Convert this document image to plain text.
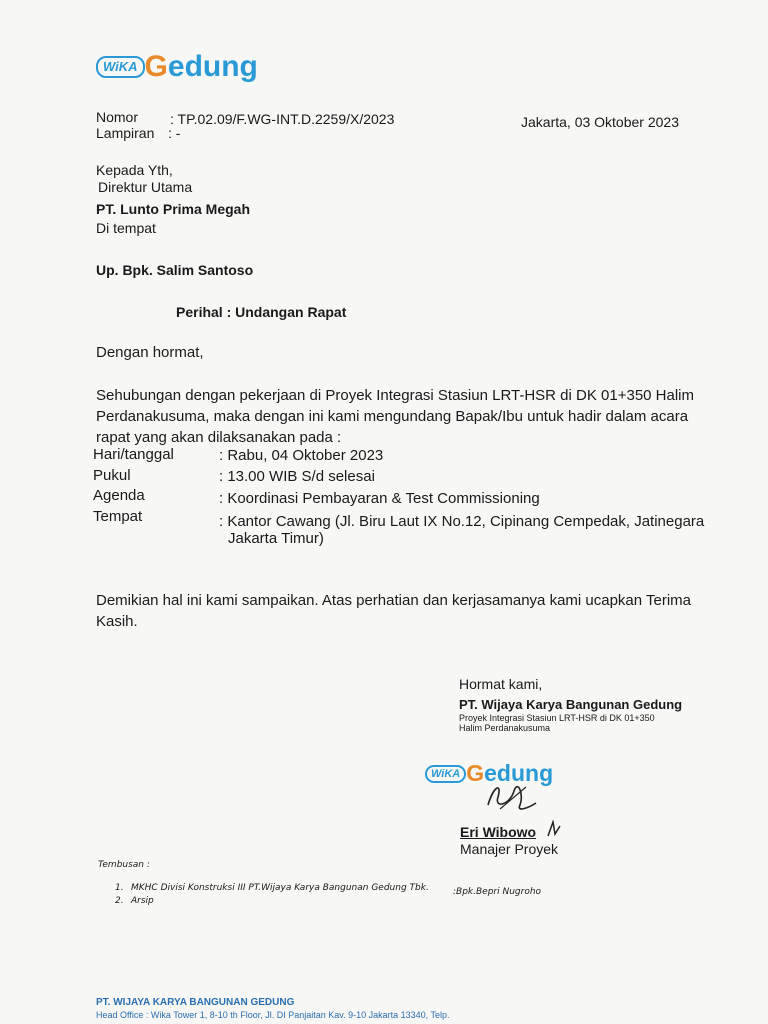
WiKA Gedung
Nomor : TP.02.09/F.WG-INT.D.2259/X/2023
Lampiran : -
Jakarta, 03 Oktober 2023
Kepada Yth,
Direktur Utama
PT. Lunto Prima Megah
Di tempat
Up. Bpk. Salim Santoso
Perihal : Undangan Rapat
Dengan hormat,
Sehubungan dengan pekerjaan di Proyek Integrasi Stasiun LRT-HSR di DK 01+350 Halim
Perdanakusuma, maka dengan ini kami mengundang Bapak/Ibu untuk hadir dalam acara
rapat yang akan dilaksanakan pada :
Hari/tanggal	: Rabu, 04 Oktober 2023
Pukul	: 13.00 WIB S/d selesai
Agenda	: Koordinasi Pembayaran & Test Commissioning
Tempat	: Kantor Cawang (Jl. Biru Laut IX No.12, Cipinang Cempedak, Jatinegara
Jakarta Timur)
Demikian hal ini kami sampaikan. Atas perhatian dan kerjasamanya kami ucapkan Terima
Kasih.
Hormat kami,
PT. Wijaya Karya Bangunan Gedung
Proyek Integrasi Stasiun LRT-HSR di DK 01+350
Halim Perdanakusuma
WiKA Gedung
Eri Wibowo
Manajer Proyek
Tembusan :
1. MKHC Divisi Konstruksi III PT.Wijaya Karya Bangunan Gedung Tbk.	:Bpk.Bepri Nugroho
2. Arsip
PT. WIJAYA KARYA BANGUNAN GEDUNG
Head Office : Wika Tower 1, 8-10 th Floor, Jl. DI Panjaitan Kav. 9-10 Jakarta 13340, Telp.
